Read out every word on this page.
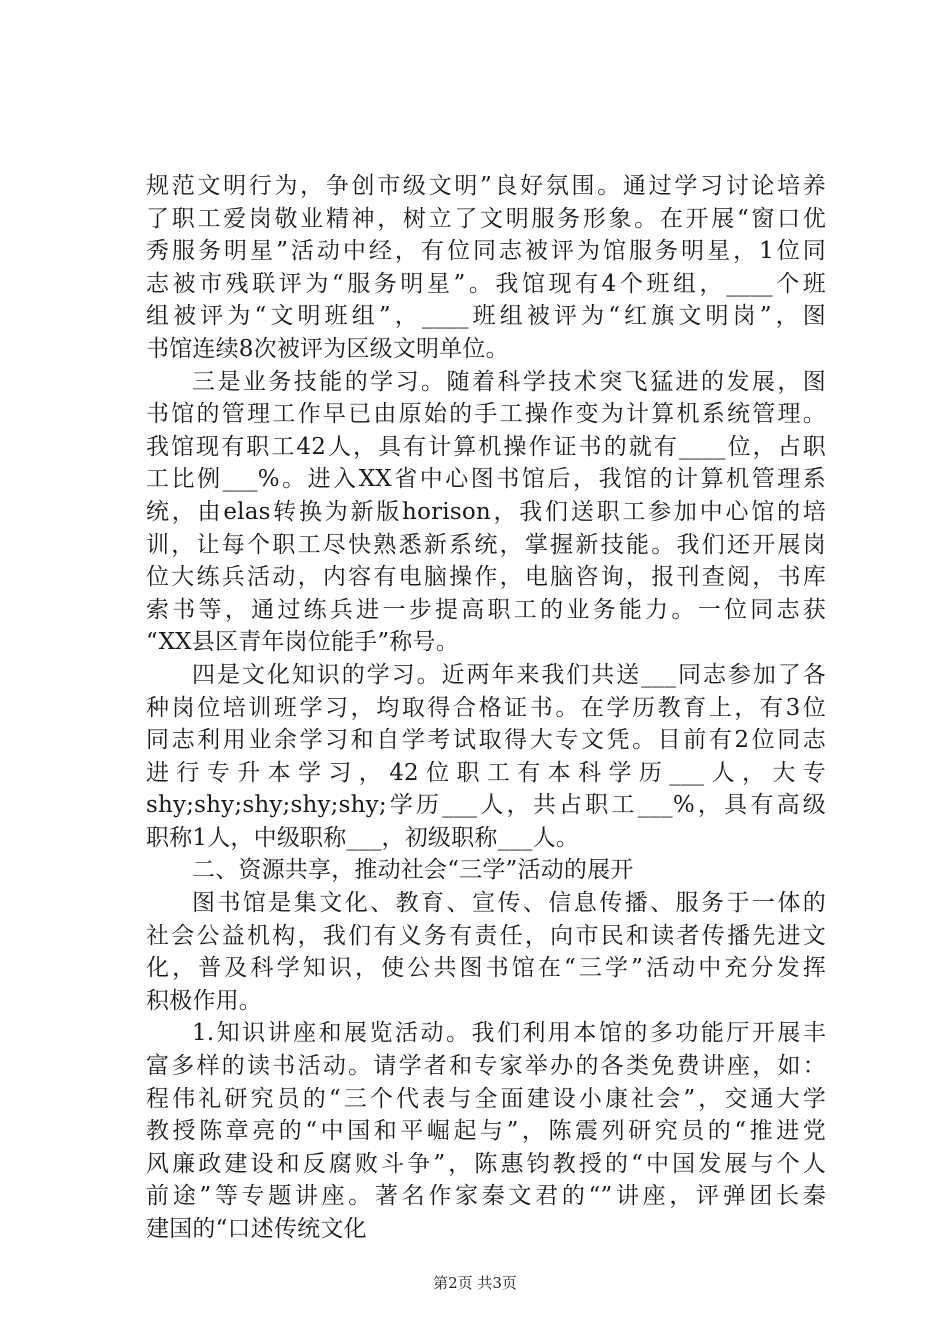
规范文明行为，争创市级文明”良好氛围。通过学习讨论培养
了职工爱岗敬业精神，树立了文明服务形象。在开展“窗口优
秀服务明星”活动中经，有位同志被评为馆服务明星，1位同
志被市残联评为“服务明星”。我馆现有4个班组，____个班
组被评为“文明班组”，____班组被评为“红旗文明岗”，图
书馆连续8次被评为区级文明单位。
三是业务技能的学习。随着科学技术突飞猛进的发展，图
书馆的管理工作早已由原始的手工操作变为计算机系统管理。
我馆现有职工42人，具有计算机操作证书的就有____位，占职
工比例___%。进入XX省中心图书馆后，我馆的计算机管理系
统，由elas转换为新版horison，我们送职工参加中心馆的培
训，让每个职工尽快熟悉新系统，掌握新技能。我们还开展岗
位大练兵活动，内容有电脑操作，电脑咨询，报刊查阅，书库
索书等，通过练兵进一步提高职工的业务能力。一位同志获
“XX县区青年岗位能手”称号。
四是文化知识的学习。近两年来我们共送___同志参加了各
种岗位培训班学习，均取得合格证书。在学历教育上，有3位
同志利用业余学习和自学考试取得大专文凭。目前有2位同志
进行专升本学习，42位职工有本科学历___人，大专
shy;shy;shy;shy;shy;学历___人，共占职工___%，具有高级
职称1人，中级职称___，初级职称___人。
二、资源共享，推动社会“三学”活动的展开
图书馆是集文化、教育、宣传、信息传播、服务于一体的
社会公益机构，我们有义务有责任，向市民和读者传播先进文
化，普及科学知识，使公共图书馆在“三学”活动中充分发挥
积极作用。
1.知识讲座和展览活动。我们利用本馆的多功能厅开展丰
富多样的读书活动。请学者和专家举办的各类免费讲座，如：
程伟礼研究员的“三个代表与全面建设小康社会”，交通大学
教授陈章亮的“中国和平崛起与”，陈震列研究员的“推进党
风廉政建设和反腐败斗争”，陈惠钧教授的“中国发展与个人
前途”等专题讲座。著名作家秦文君的“”讲座，评弹团长秦
建国的“口述传统文化
第2页 共3页
